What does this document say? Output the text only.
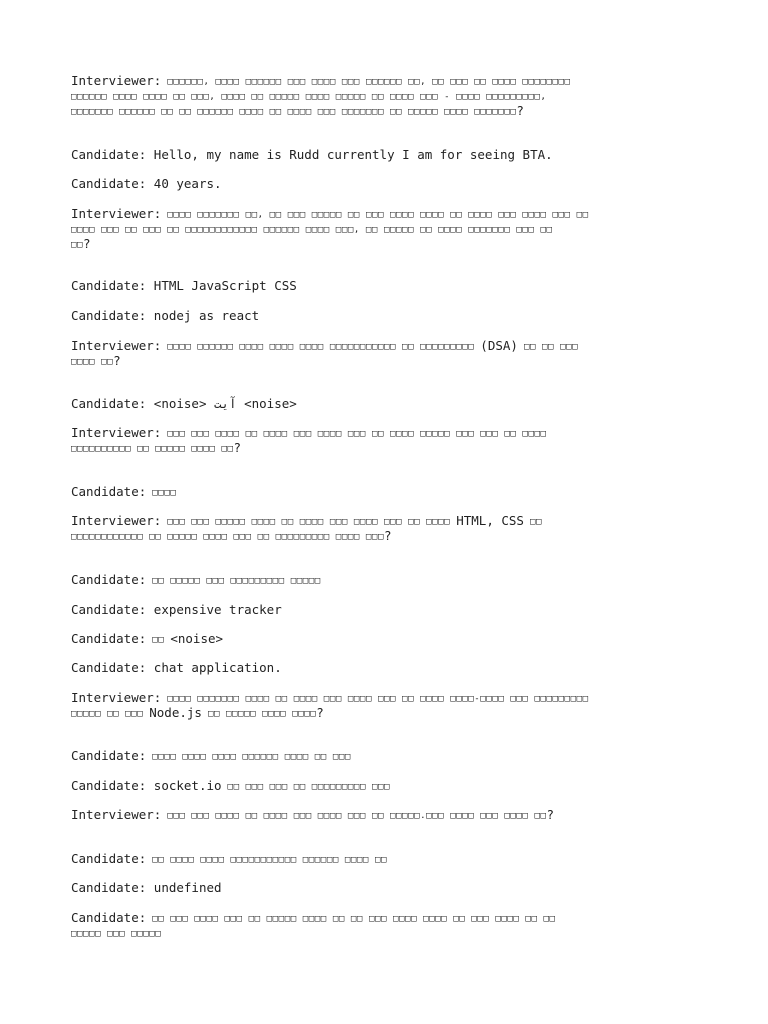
Interviewer: □□□□□□, □□□□ □□□□□□ □□□ □□□□ □□□ □□□□□□ □□, □□ □□□ □□ □□□□ □□□□□□□□

□□□□□□ □□□□ □□□□ □□ □□□, □□□□ □□ □□□□□ □□□□ □□□□□ □□ □□□□ □□□ - □□□□ □□□□□□□□□,

□□□□□□□ □□□□□□ □□ □□ □□□□□□ □□□□ □□ □□□□ □□□ □□□□□□□ □□ □□□□□ □□□□ □□□□□□□?

Candidate: Hello, my name is Rudd currently I am for seeing BTA.

Candidate: 40 years.

Interviewer: □□□□ □□□□□□□ □□, □□ □□□ □□□□□ □□ □□□ □□□□ □□□□ □□ □□□□ □□□ □□□□ □□□ □□

□□□□ □□□ □□ □□□ □□ □□□□□□□□□□□□ □□□□□□ □□□□ □□□, □□ □□□□□ □□ □□□□ □□□□□□□ □□□ □□

□□?

Candidate: HTML JavaScript CSS

Candidate: nodej as react

Interviewer: □□□□ □□□□□□ □□□□ □□□□ □□□□ □□□□□□□□□□□ □□ □□□□□□□□□ (DSA) □□ □□ □□□

□□□□ □□?

Candidate: <noise> آیت <noise>

Interviewer: □□□ □□□ □□□□ □□ □□□□ □□□ □□□□ □□□ □□ □□□□ □□□□□ □□□ □□□ □□ □□□□

□□□□□□□□□□ □□ □□□□□ □□□□ □□?

Candidate: □□□□

Interviewer: □□□ □□□ □□□□□ □□□□ □□ □□□□ □□□ □□□□ □□□ □□ □□□□ HTML, CSS □□

□□□□□□□□□□□□ □□ □□□□□ □□□□ □□□ □□ □□□□□□□□□ □□□□ □□□?

Candidate: □□ □□□□□ □□□ □□□□□□□□□ □□□□□

Candidate: expensive tracker

Candidate: □□ <noise>

Candidate: chat application.

Interviewer: □□□□ □□□□□□□ □□□□ □□ □□□□ □□□ □□□□ □□□ □□ □□□□ □□□□-□□□□ □□□ □□□□□□□□□

□□□□□ □□ □□□ Node.js □□ □□□□□ □□□□ □□□□?

Candidate: □□□□ □□□□ □□□□ □□□□□□ □□□□ □□ □□□

Candidate: socket.io □□ □□□ □□□ □□ □□□□□□□□□ □□□

Interviewer: □□□ □□□ □□□□ □□ □□□□ □□□ □□□□ □□□ □□ □□□□□.□□□ □□□□ □□□ □□□□ □□?

Candidate: □□ □□□□ □□□□ □□□□□□□□□□□ □□□□□□ □□□□ □□

Candidate: undefined

Candidate: □□ □□□ □□□□ □□□ □□ □□□□□ □□□□ □□ □□ □□□ □□□□ □□□□ □□ □□□ □□□□ □□ □□

□□□□□ □□□ □□□□□
